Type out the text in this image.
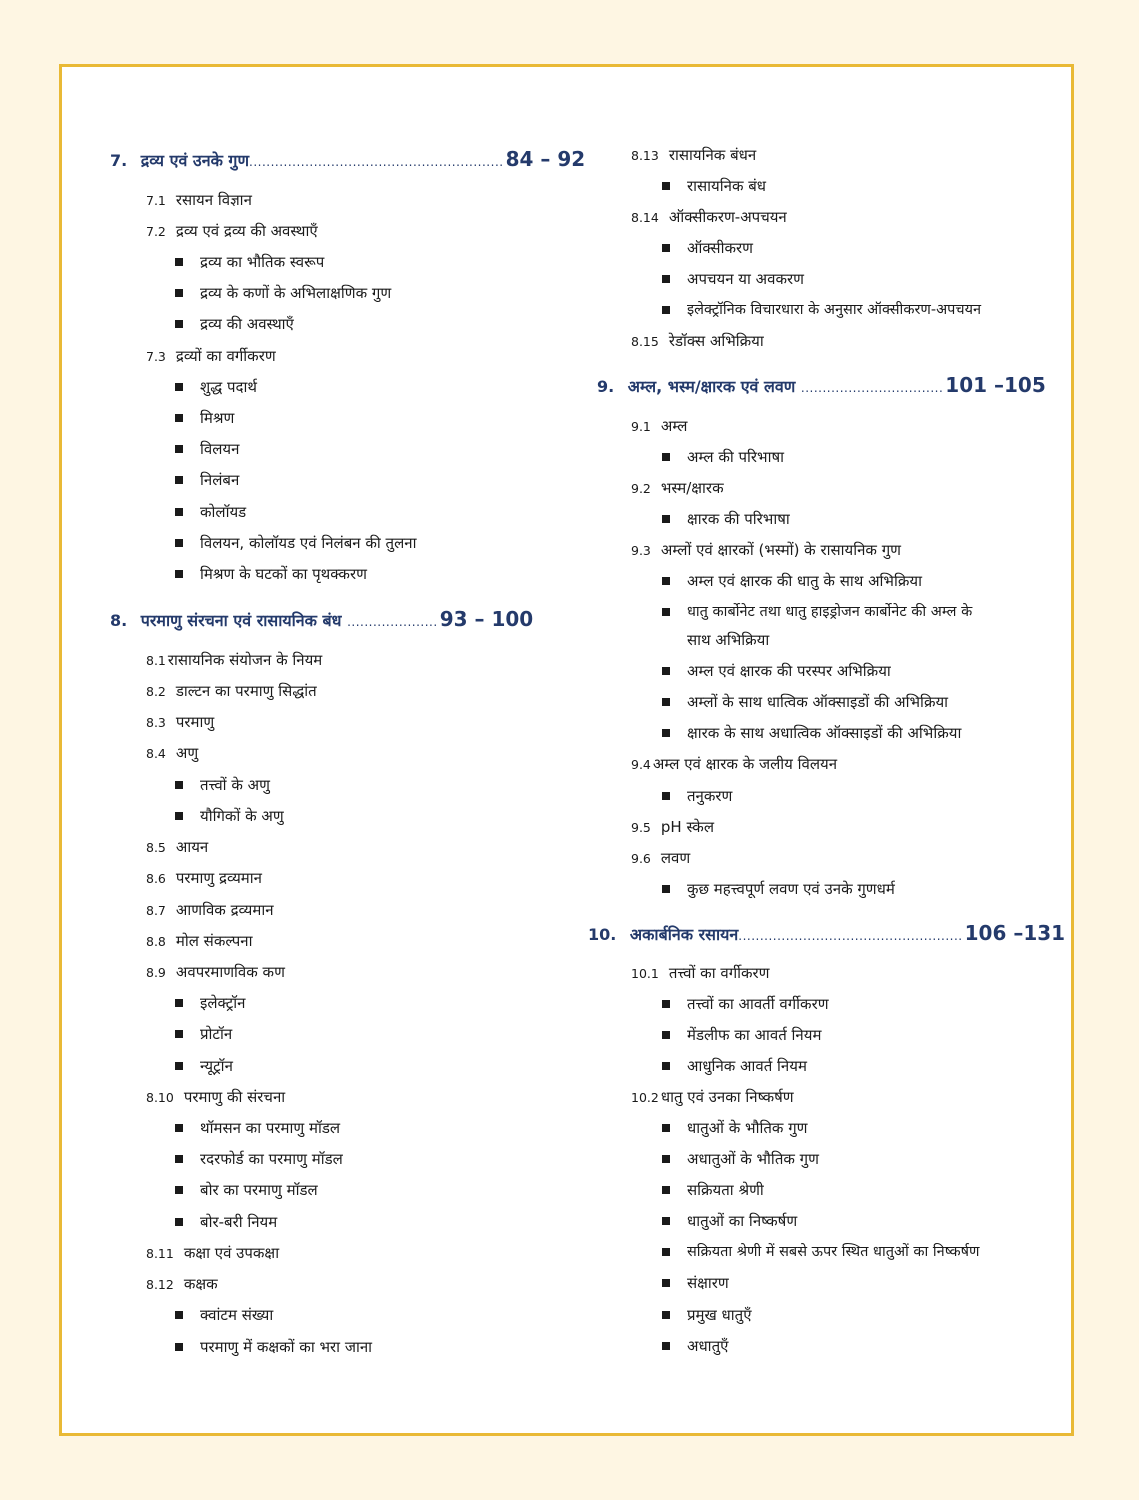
7. द्रव्य एवं उनके गुण........................................................... 84 – 92
7.1 रसायन विज्ञान
7.2 द्रव्य एवं द्रव्य की अवस्थाएँ
द्रव्य का भौतिक स्वरूप
द्रव्य के कणों के अभिलाक्षणिक गुण
द्रव्य की अवस्थाएँ
7.3 द्रव्यों का वर्गीकरण
शुद्ध पदार्थ
मिश्रण
विलयन
निलंबन
कोलॉयड
विलयन, कोलॉयड एवं निलंबन की तुलना
मिश्रण के घटकों का पृथक्करण
8. परमाणु संरचना एवं रासायनिक बंध ..................... 93 – 100
8.1 रासायनिक संयोजन के नियम
8.2 डाल्टन का परमाणु सिद्धांत
8.3 परमाणु
8.4 अणु
तत्त्वों के अणु
यौगिकों के अणु
8.5 आयन
8.6 परमाणु द्रव्यमान
8.7 आणविक द्रव्यमान
8.8 मोल संकल्पना
8.9 अवपरमाणविक कण
इलेक्ट्रॉन
प्रोटॉन
न्यूट्रॉन
8.10 परमाणु की संरचना
थॉमसन का परमाणु मॉडल
रदरफोर्ड का परमाणु मॉडल
बोर का परमाणु मॉडल
बोर-बरी नियम
8.11 कक्षा एवं उपकक्षा
8.12 कक्षक
क्वांटम संख्या
परमाणु में कक्षकों का भरा जाना
8.13 रासायनिक बंधन
रासायनिक बंध
8.14 ऑक्सीकरण-अपचयन
ऑक्सीकरण
अपचयन या अवकरण
इलेक्ट्रॉनिक विचारधारा के अनुसार ऑक्सीकरण-अपचयन
8.15 रेडॉक्स अभिक्रिया
9. अम्ल, भस्म/क्षारक एवं लवण ................................. 101 –105
9.1 अम्ल
अम्ल की परिभाषा
9.2 भस्म/क्षारक
क्षारक की परिभाषा
9.3 अम्लों एवं क्षारकों (भस्मों) के रासायनिक गुण
अम्ल एवं क्षारक की धातु के साथ अभिक्रिया
धातु कार्बोनेट तथा धातु हाइड्रोजन कार्बोनेट की अम्ल के
साथ अभिक्रिया
अम्ल एवं क्षारक की परस्पर अभिक्रिया
अम्लों के साथ धात्विक ऑक्साइडों की अभिक्रिया
क्षारक के साथ अधात्विक ऑक्साइडों की अभिक्रिया
9.4 अम्ल एवं क्षारक के जलीय विलयन
तनुकरण
9.5 pH स्केल
9.6 लवण
कुछ महत्त्वपूर्ण लवण एवं उनके गुणधर्म
10. अकार्बनिक रसायन.................................................... 106 –131
10.1 तत्त्वों का वर्गीकरण
तत्त्वों का आवर्ती वर्गीकरण
मेंडलीफ का आवर्त नियम
आधुनिक आवर्त नियम
10.2 धातु एवं उनका निष्कर्षण
धातुओं के भौतिक गुण
अधातुओं के भौतिक गुण
सक्रियता श्रेणी
धातुओं का निष्कर्षण
सक्रियता श्रेणी में सबसे ऊपर स्थित धातुओं का निष्कर्षण
संक्षारण
प्रमुख धातुएँ
अधातुएँ
